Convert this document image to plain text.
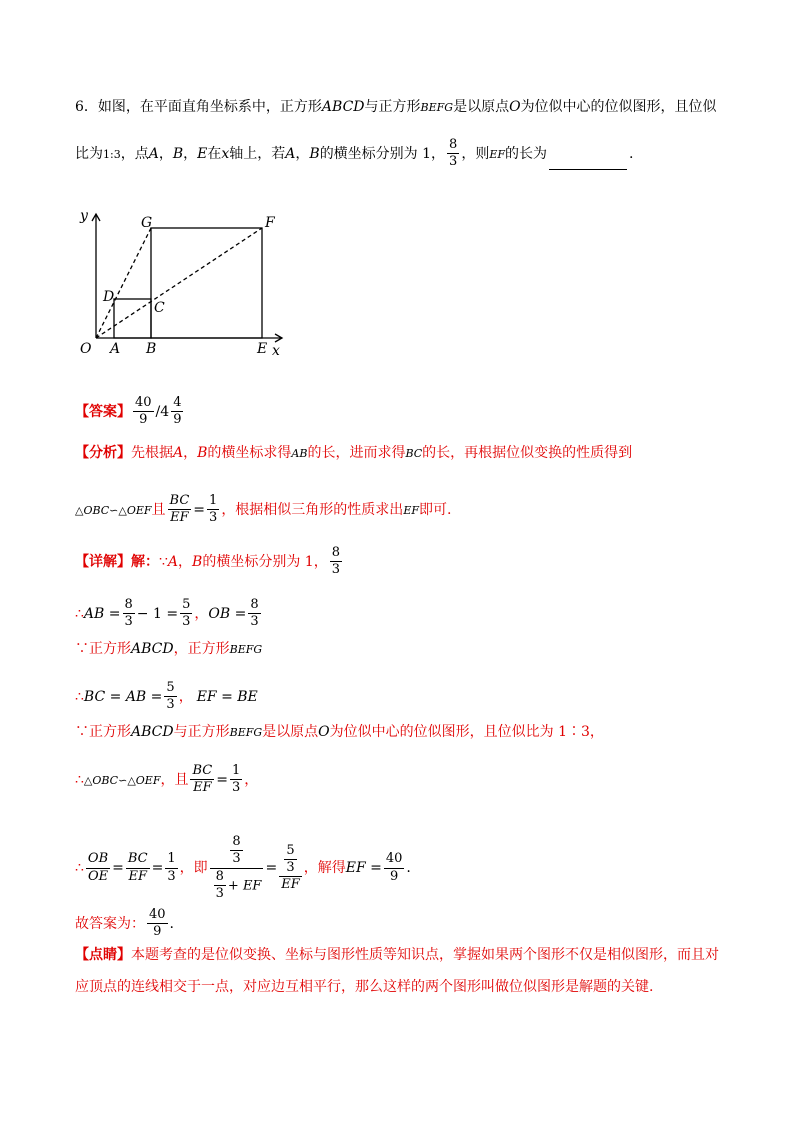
6．如图，在平面直角坐标系中，正方形ABCD与正方形BEFG是以原点O为位似中心的位似图形，且位似
比为1:3，点A，B，E在x轴上，若A，B的横坐标分别为 1， $\frac{8}{3}$ ，则EF的长为	.
y
x
O A B	E
D
C
G	F
【答案】 $\frac{40}{9} /4 \frac{4}{9}$
【分析】先根据A，B的横坐标求得AB的长，进而求得BC的长，再根据位似变换的性质得到
△OBC∽△OEF且 $\frac{BC}{EF} = \frac{1}{3}$ ，根据相似三角形的性质求出EF即可.
【详解】解：∵A，B的横坐标分别为 1， $\frac{8}{3}$
∴AB = $\frac{8}{3} - 1 = \frac{5}{3}$ ，OB = $\frac{8}{3}$
∵正方形ABCD，正方形BEFG
∴BC = AB = $\frac{5}{3}$ ， EF = BE
∵正方形ABCD与正方形BEFG是以原点O为位似中心的位似图形，且位似比为 1∶3，
∴△OBC∽△OEF，且 $\frac{BC}{EF} = \frac{1}{3}$ ，
∴ $\frac{OB}{OE} = \frac{BC}{EF} = \frac{1}{3}$ ，即 $\frac{\frac{8}{3}}{\frac{8}{3} + EF} = \frac{\frac{5}{3}}{EF}$ ，解得EF = $\frac{40}{9}$ .
故答案为： $\frac{40}{9}$ .
【点睛】本题考查的是位似变换、坐标与图形性质等知识点，掌握如果两个图形不仅是相似图形，而且对
应顶点的连线相交于一点，对应边互相平行，那么这样的两个图形叫做位似图形是解题的关键.
